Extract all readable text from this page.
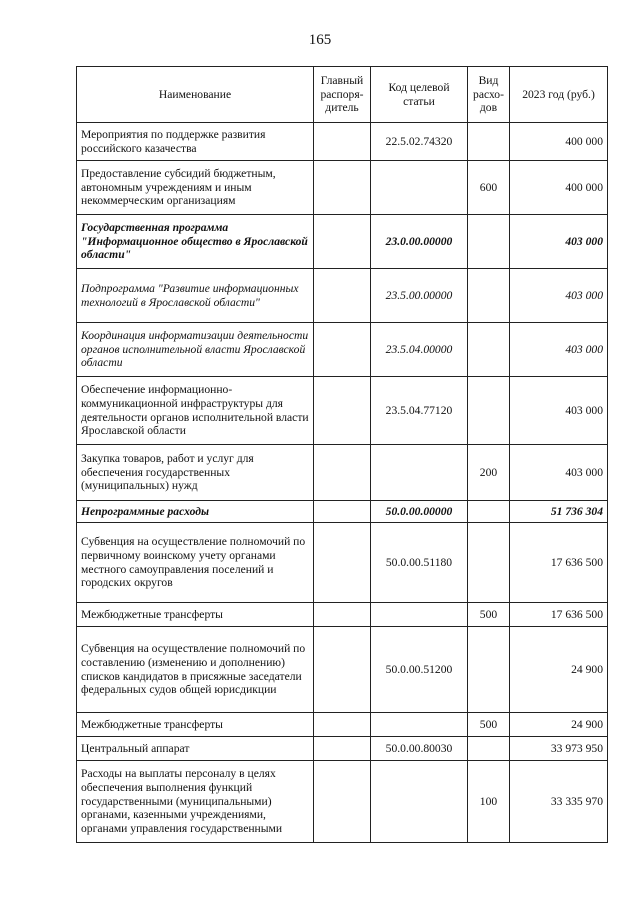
165
Наименование	Главный распоря-дитель	Код целевой статьи	Вид расхо-дов	2023 год (руб.)
Мероприятия по поддержке развития российского казачества		22.5.02.74320		400 000
Предоставление субсидий бюджетным, автономным учреждениям и иным некоммерческим организациям			600	400 000
Государственная программа "Информационное общество в Ярославской области"		23.0.00.00000		403 000
Подпрограмма "Развитие информационных технологий в Ярославской области"		23.5.00.00000		403 000
Координация информатизации деятельности органов исполнительной власти Ярославской области		23.5.04.00000		403 000
Обеспечение информационно-коммуникационной инфраструктуры для деятельности органов исполнительной власти Ярославской области		23.5.04.77120		403 000
Закупка товаров, работ и услуг для обеспечения государственных (муниципальных) нужд			200	403 000
Непрограммные расходы		50.0.00.00000		51 736 304
Субвенция на осуществление полномочий по первичному воинскому учету органами местного самоуправления поселений и городских округов		50.0.00.51180		17 636 500
Межбюджетные трансферты			500	17 636 500
Субвенция на осуществление полномочий по составлению (изменению и дополнению) списков кандидатов в присяжные заседатели федеральных судов общей юрисдикции		50.0.00.51200		24 900
Межбюджетные трансферты			500	24 900
Центральный аппарат		50.0.00.80030		33 973 950
Расходы на выплаты персоналу в целях обеспечения выполнения функций государственными (муниципальными) органами, казенными учреждениями, органами управления государственными			100	33 335 970
